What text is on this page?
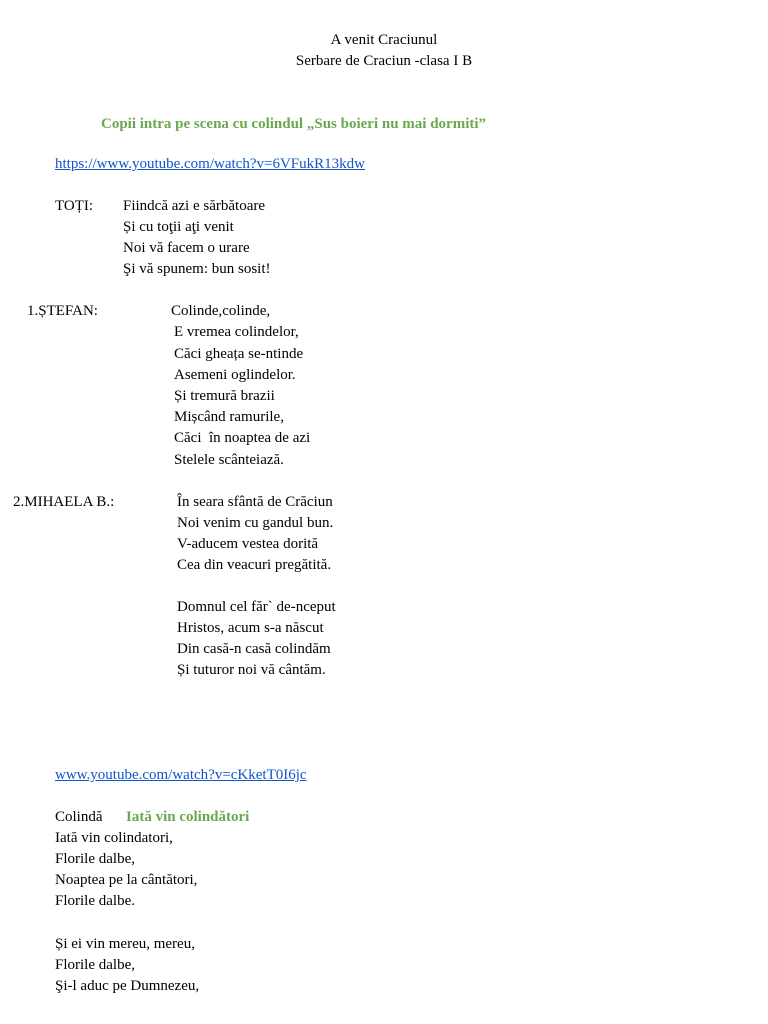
A venit Craciunul
Serbare de Craciun -clasa I B
Copii intra pe scena cu colindul „Sus boieri nu mai dormiti”
https://www.youtube.com/watch?v=6VFukR13kdw
TOȚI: Fiindcă azi e sărbătoare
Și cu toţii aţi venit
Noi vă facem o urare
Şi vă spunem: bun sosit!
1.ȘTEFAN:	Colinde,colinde,
E vremea colindelor,
Căci gheața se-ntinde
Asemeni oglindelor.
Și tremură brazii
Mișcând ramurile,
Căci  în noaptea de azi
Stelele scânteiază.
2.MIHAELA B.:	În seara sfântă de Crăciun
Noi venim cu gandul bun.
V-aducem vestea dorită
Cea din veacuri pregătită.
Domnul cel făr` de-nceput
Hristos, acum s-a născut
Din casă-n casă colindăm
Și tuturor noi vă cântăm.
www.youtube.com/watch?v=cKketT0I6jc
Colindă Iată vin colindători
Iată vin colindatori,
Florile dalbe,
Noaptea pe la cântători,
Florile dalbe.
Și ei vin mereu, mereu,
Florile dalbe,
Şi-l aduc pe Dumnezeu,
